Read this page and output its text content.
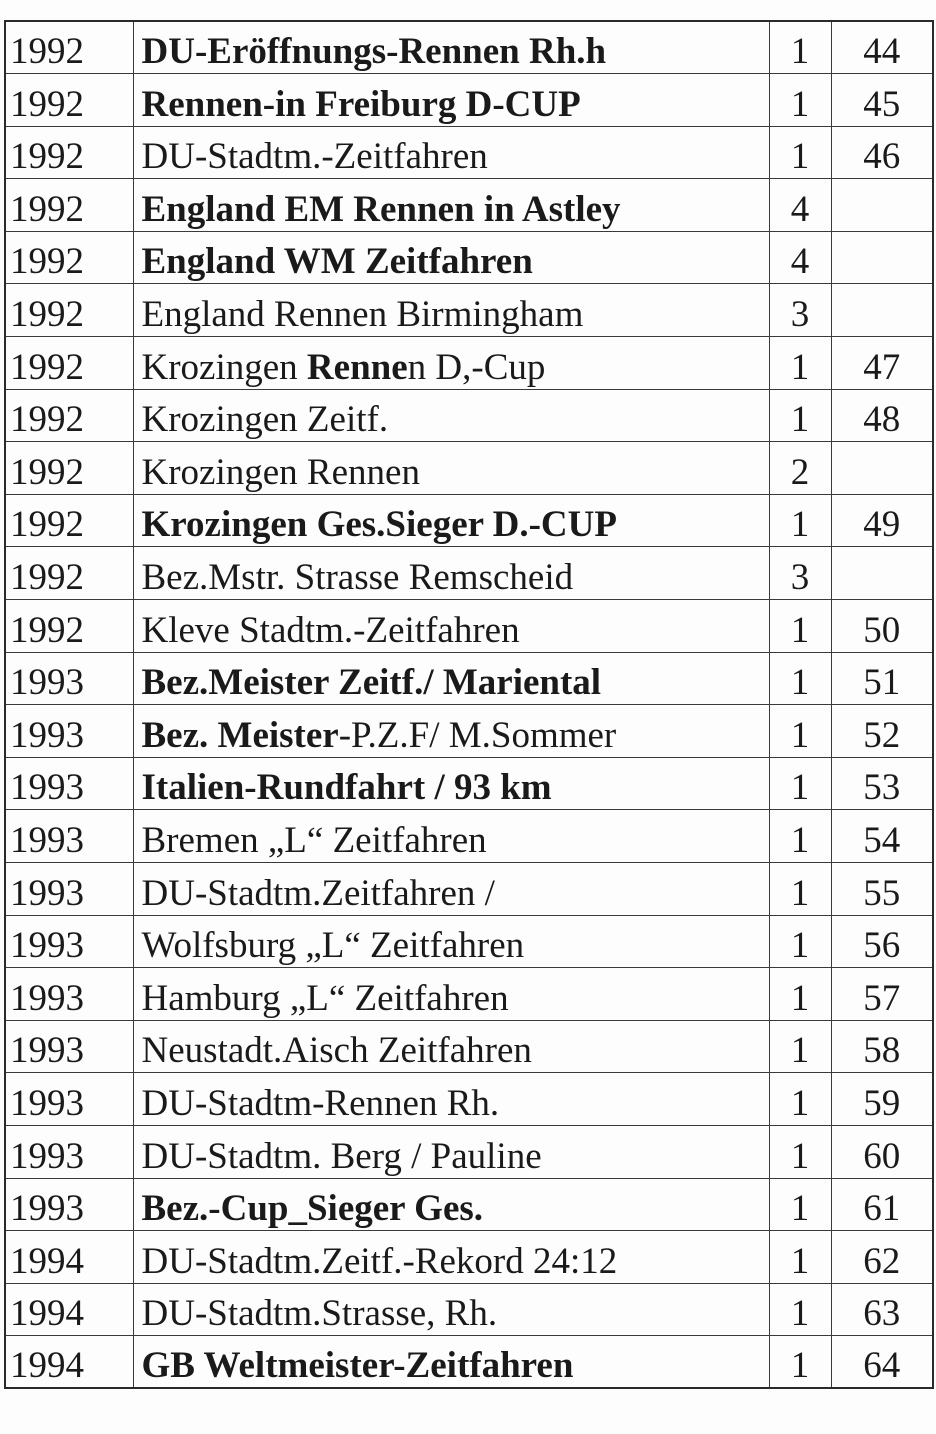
1992	DU-Eröffnungs-Rennen Rh.h	1	44
1992	Rennen-in Freiburg D-CUP	1	45
1992	DU-Stadtm.-Zeitfahren	1	46
1992	England EM Rennen in Astley	4	
1992	England WM Zeitfahren	4	
1992	England Rennen Birmingham	3	
1992	Krozingen Rennen D,-Cup	1	47
1992	Krozingen Zeitf.	1	48
1992	Krozingen Rennen	2	
1992	Krozingen Ges.Sieger D.-CUP	1	49
1992	Bez.Mstr. Strasse Remscheid	3	
1992	Kleve Stadtm.-Zeitfahren	1	50
1993	Bez.Meister Zeitf./ Mariental	1	51
1993	Bez. Meister-P.Z.F/ M.Sommer	1	52
1993	Italien-Rundfahrt / 93 km	1	53
1993	Bremen „L“ Zeitfahren	1	54
1993	DU-Stadtm.Zeitfahren /	1	55
1993	Wolfsburg „L“ Zeitfahren	1	56
1993	Hamburg „L“ Zeitfahren	1	57
1993	Neustadt.Aisch Zeitfahren	1	58
1993	DU-Stadtm-Rennen Rh.	1	59
1993	DU-Stadtm. Berg / Pauline	1	60
1993	Bez.-Cup_Sieger Ges.	1	61
1994	DU-Stadtm.Zeitf.-Rekord 24:12	1	62
1994	DU-Stadtm.Strasse, Rh.	1	63
1994	GB Weltmeister-Zeitfahren	1	64
